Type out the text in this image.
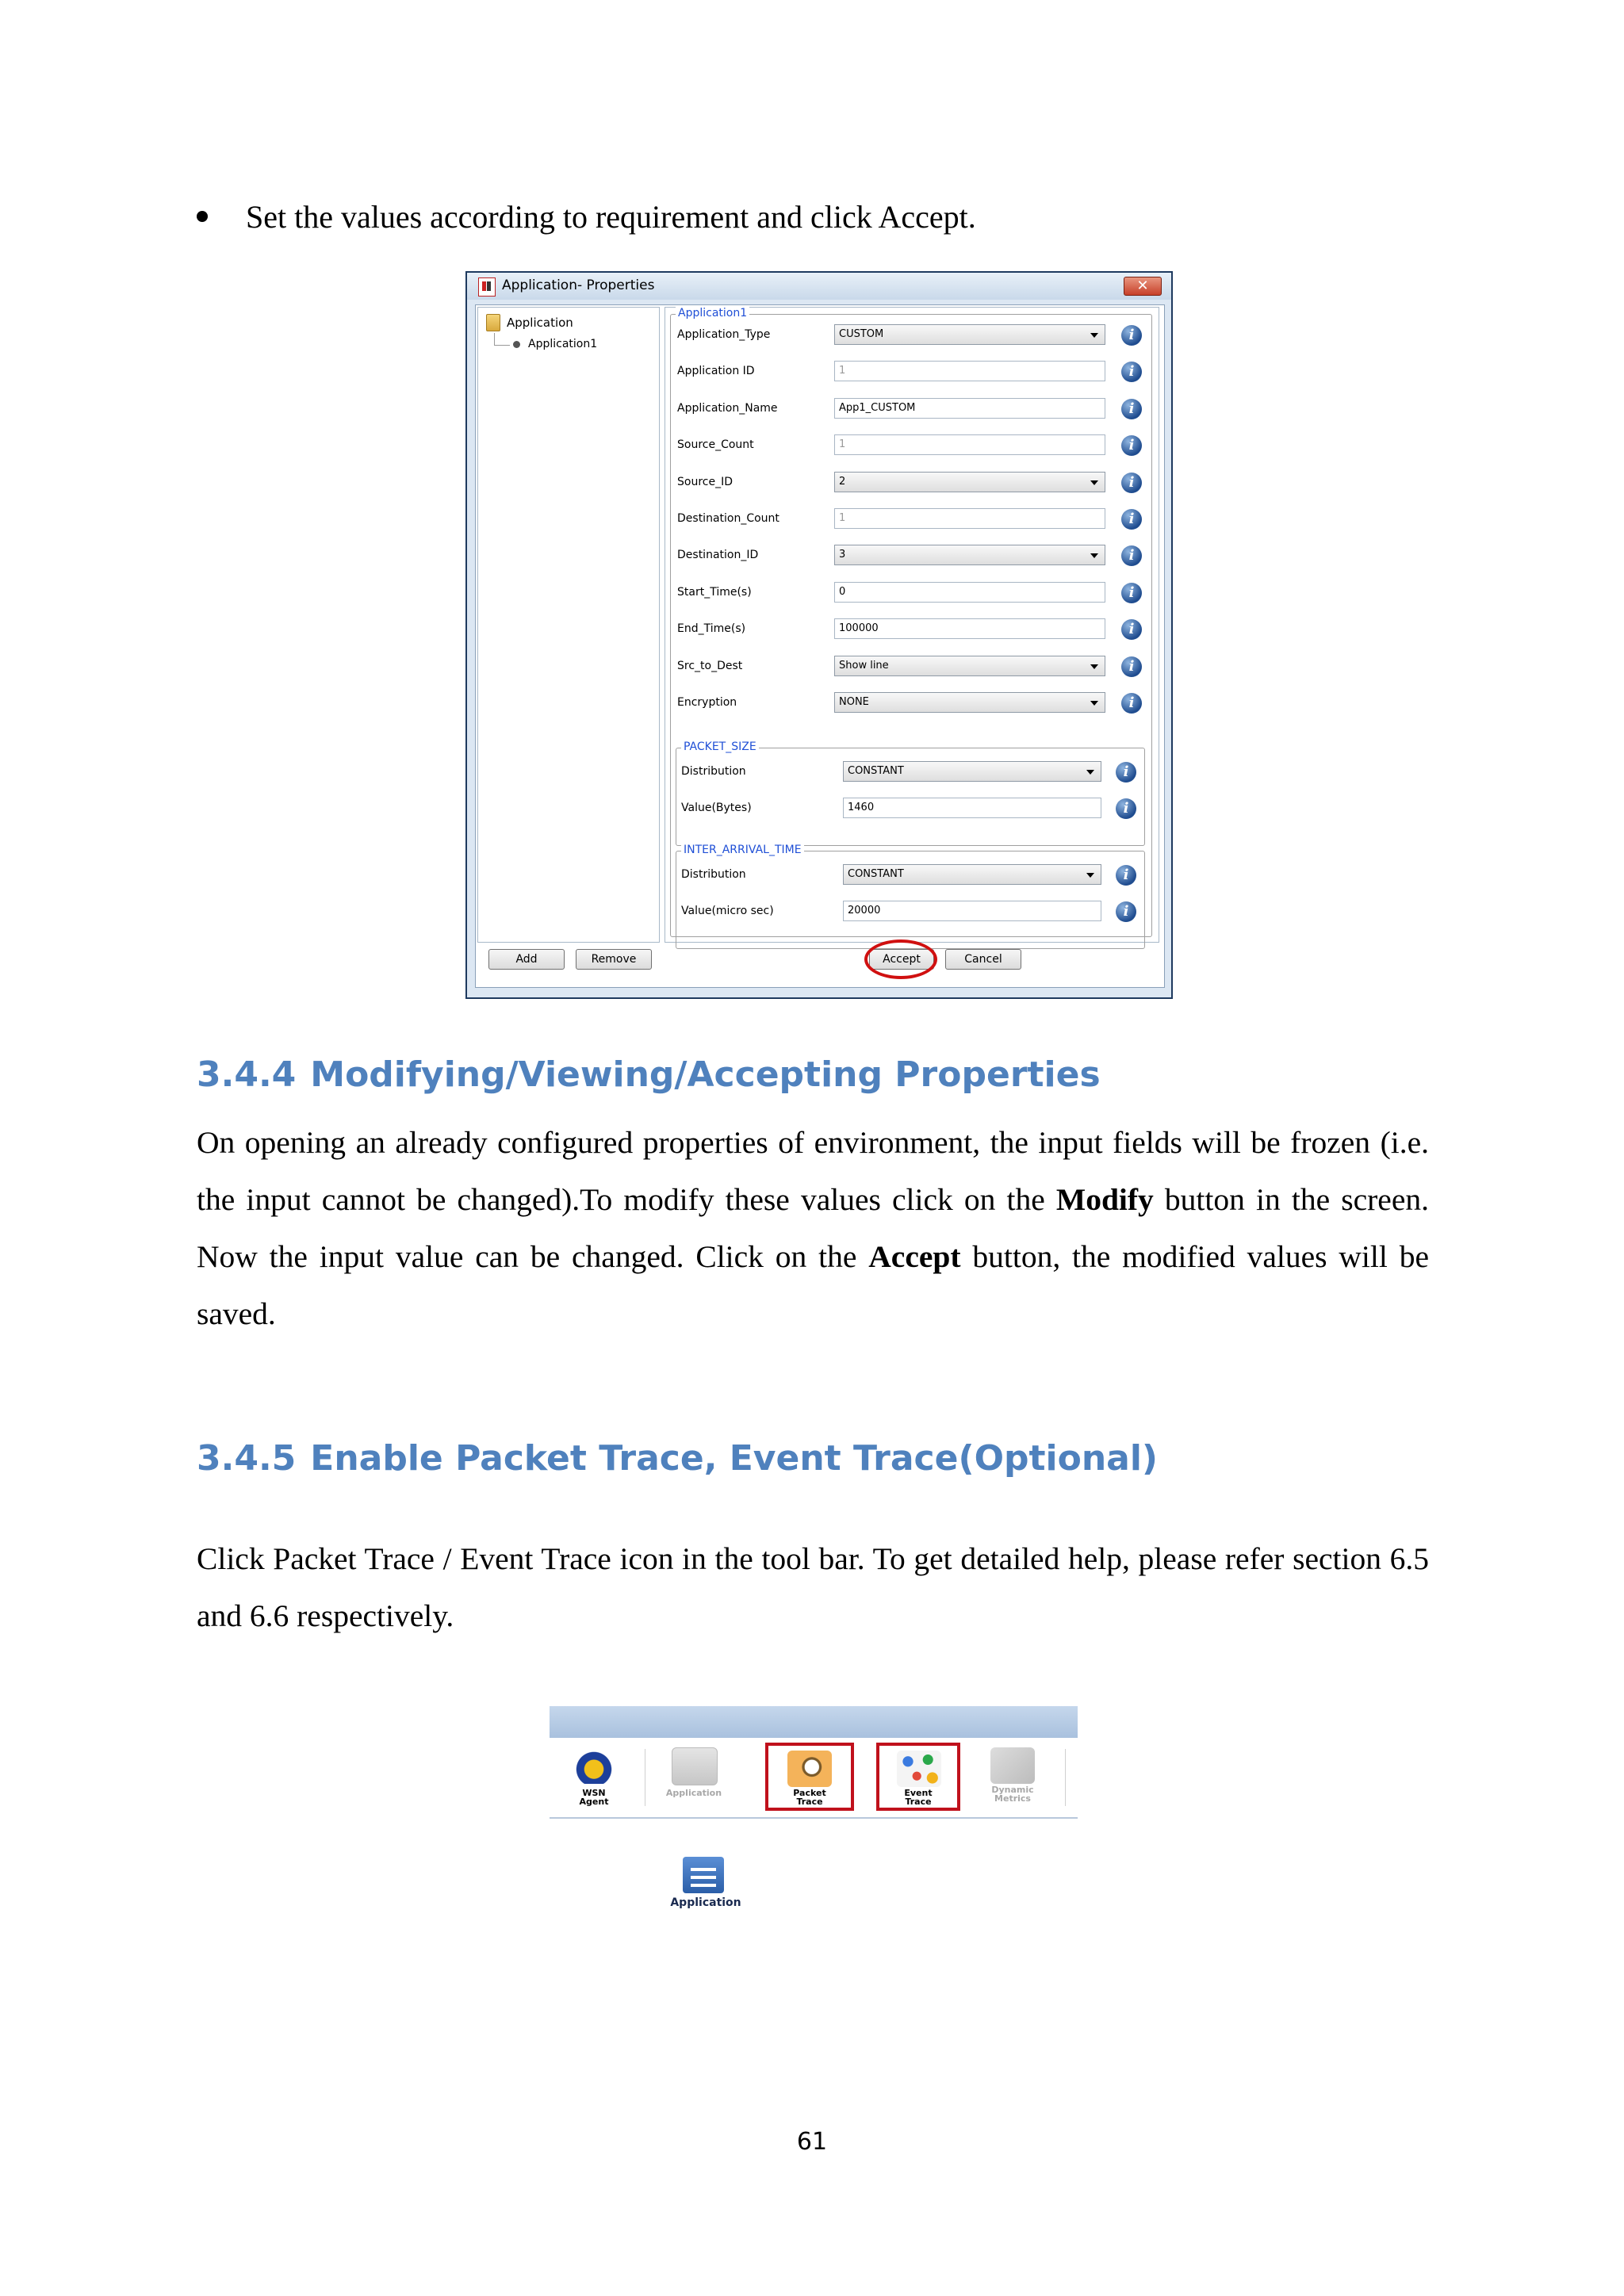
Set the values according to requirement and click Accept.
Application- Properties	✕
Application
Application1
Application1
Application_Type	CUSTOM	i
Application ID	1	i
Application_Name	App1_CUSTOM	i
Source_Count	1	i
Source_ID	2	i
Destination_Count	1	i
Destination_ID	3	i
Start_Time(s)	0	i
End_Time(s)	100000	i
Src_to_Dest	Show line	i
Encryption	NONE	i
PACKET_SIZE
Distribution	CONSTANT	i
Value(Bytes)	1460	i
INTER_ARRIVAL_TIME
Distribution	CONSTANT	i
Value(micro sec)	20000	i
Add	Remove	Accept	Cancel
3.4.4 Modifying/Viewing/Accepting Properties
On opening an already configured properties of environment, the input fields will be frozen (i.e. the input cannot be changed).To modify these values click on the Modify button in the screen. Now the input value can be changed. Click on the Accept button, the modified values will be saved.
3.4.5 Enable Packet Trace, Event Trace(Optional)
Click Packet Trace / Event Trace icon in the tool bar. To get detailed help, please refer section 6.5 and 6.6 respectively.
WSN
Agent
Application	Packet
Trace
Event
Trace
Dynamic
Metrics
Application
61
